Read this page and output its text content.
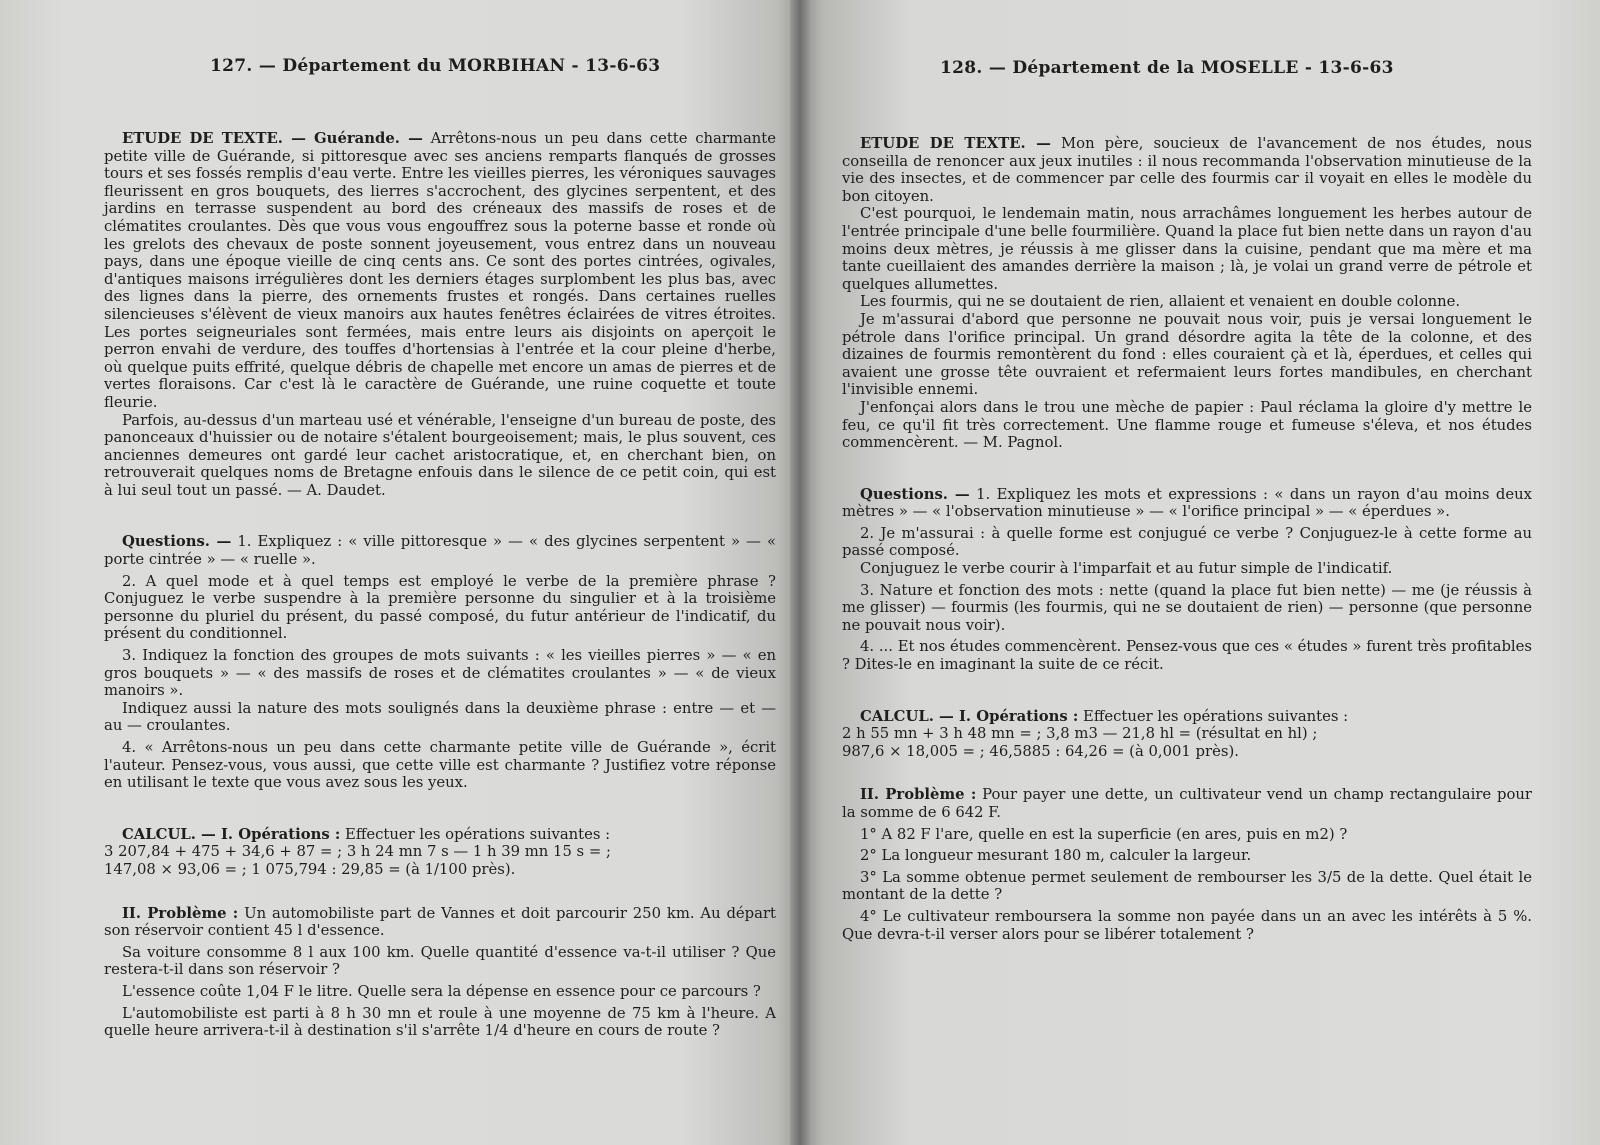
127. — Département du MORBIHAN - 13-6-63

ETUDE DE TEXTE. — Guérande. — Arrêtons-nous un peu dans cette charmante petite ville de Guérande, si pittoresque avec ses anciens remparts flanqués de grosses tours et ses fossés remplis d'eau verte. Entre les vieilles pierres, les véroniques sauvages fleurissent en gros bouquets, des lierres s'accrochent, des glycines serpentent, et des jardins en terrasse suspendent au bord des créneaux des massifs de roses et de clématites croulantes. Dès que vous vous engouffrez sous la poterne basse et ronde où les grelots des chevaux de poste sonnent joyeusement, vous entrez dans un nouveau pays, dans une époque vieille de cinq cents ans. Ce sont des portes cintrées, ogivales, d'antiques maisons irrégulières dont les derniers étages surplombent les plus bas, avec des lignes dans la pierre, des ornements frustes et rongés. Dans certaines ruelles silencieuses s'élèvent de vieux manoirs aux hautes fenêtres éclairées de vitres étroites. Les portes seigneuriales sont fermées, mais entre leurs ais disjoints on aperçoit le perron envahi de verdure, des touffes d'hortensias à l'entrée et la cour pleine d'herbe, où quelque puits effrité, quelque débris de chapelle met encore un amas de pierres et de vertes floraisons. Car c'est là le caractère de Guérande, une ruine coquette et toute fleurie.

Parfois, au-dessus d'un marteau usé et vénérable, l'enseigne d'un bureau de poste, des panonceaux d'huissier ou de notaire s'étalent bourgeoisement; mais, le plus souvent, ces anciennes demeures ont gardé leur cachet aristocratique, et, en cherchant bien, on retrouverait quelques noms de Bretagne enfouis dans le silence de ce petit coin, qui est à lui seul tout un passé. — A. Daudet.

Questions. — 1. Expliquez : « ville pittoresque » — « des glycines serpentent » — « porte cintrée » — « ruelle ».

2. A quel mode et à quel temps est employé le verbe de la première phrase ? Conjuguez le verbe suspendre à la première personne du singulier et à la troisième personne du pluriel du présent, du passé composé, du futur antérieur de l'indicatif, du présent du conditionnel.

3. Indiquez la fonction des groupes de mots suivants : « les vieilles pierres » — « en gros bouquets » — « des massifs de roses et de clématites croulantes » — « de vieux manoirs ».

Indiquez aussi la nature des mots soulignés dans la deuxième phrase : entre — et — au — croulantes.

4. « Arrêtons-nous un peu dans cette charmante petite ville de Guérande », écrit l'auteur. Pensez-vous, vous aussi, que cette ville est charmante ? Justifiez votre réponse en utilisant le texte que vous avez sous les yeux.

CALCUL. — I. Opérations : Effectuer les opérations suivantes :

3 207,84 + 475 + 34,6 + 87 = ; 3 h 24 mn 7 s — 1 h 39 mn 15 s = ;

147,08 × 93,06 = ; 1 075,794 : 29,85 = (à 1/100 près).

II. Problème : Un automobiliste part de Vannes et doit parcourir 250 km. Au départ son réservoir contient 45 l d'essence.

Sa voiture consomme 8 l aux 100 km. Quelle quantité d'essence va-t-il utiliser ? Que restera-t-il dans son réservoir ?

L'essence coûte 1,04 F le litre. Quelle sera la dépense en essence pour ce parcours ?

L'automobiliste est parti à 8 h 30 mn et roule à une moyenne de 75 km à l'heure. A quelle heure arrivera-t-il à destination s'il s'arrête 1/4 d'heure en cours de route ?

128. — Département de la MOSELLE - 13-6-63

ETUDE DE TEXTE. — Mon père, soucieux de l'avancement de nos études, nous conseilla de renoncer aux jeux inutiles : il nous recommanda l'observation minutieuse de la vie des insectes, et de commencer par celle des fourmis car il voyait en elles le modèle du bon citoyen.

C'est pourquoi, le lendemain matin, nous arrachâmes longuement les herbes autour de l'entrée principale d'une belle fourmilière. Quand la place fut bien nette dans un rayon d'au moins deux mètres, je réussis à me glisser dans la cuisine, pendant que ma mère et ma tante cueillaient des amandes derrière la maison ; là, je volai un grand verre de pétrole et quelques allumettes.

Les fourmis, qui ne se doutaient de rien, allaient et venaient en double colonne.

Je m'assurai d'abord que personne ne pouvait nous voir, puis je versai longuement le pétrole dans l'orifice principal. Un grand désordre agita la tête de la colonne, et des dizaines de fourmis remontèrent du fond : elles couraient çà et là, éperdues, et celles qui avaient une grosse tête ouvraient et refermaient leurs fortes mandibules, en cherchant l'invisible ennemi.

J'enfonçai alors dans le trou une mèche de papier : Paul réclama la gloire d'y mettre le feu, ce qu'il fit très correctement. Une flamme rouge et fumeuse s'éleva, et nos études commencèrent. — M. Pagnol.

Questions. — 1. Expliquez les mots et expressions : « dans un rayon d'au moins deux mètres » — « l'observation minutieuse » — « l'orifice principal » — « éperdues ».

2. Je m'assurai : à quelle forme est conjugué ce verbe ? Conjuguez-le à cette forme au passé composé.

Conjuguez le verbe courir à l'imparfait et au futur simple de l'indicatif.

3. Nature et fonction des mots : nette (quand la place fut bien nette) — me (je réussis à me glisser) — fourmis (les fourmis, qui ne se doutaient de rien) — personne (que personne ne pouvait nous voir).

4. ... Et nos études commencèrent. Pensez-vous que ces « études » furent très profitables ? Dites-le en imaginant la suite de ce récit.

CALCUL. — I. Opérations : Effectuer les opérations suivantes :

2 h 55 mn + 3 h 48 mn = ; 3,8 m3 — 21,8 hl = (résultat en hl) ;

987,6 × 18,005 = ; 46,5885 : 64,26 = (à 0,001 près).

II. Problème : Pour payer une dette, un cultivateur vend un champ rectangulaire pour la somme de 6 642 F.

1° A 82 F l'are, quelle en est la superficie (en ares, puis en m2) ?

2° La longueur mesurant 180 m, calculer la largeur.

3° La somme obtenue permet seulement de rembourser les 3/5 de la dette. Quel était le montant de la dette ?

4° Le cultivateur remboursera la somme non payée dans un an avec les intérêts à 5 %. Que devra-t-il verser alors pour se libérer totalement ?
